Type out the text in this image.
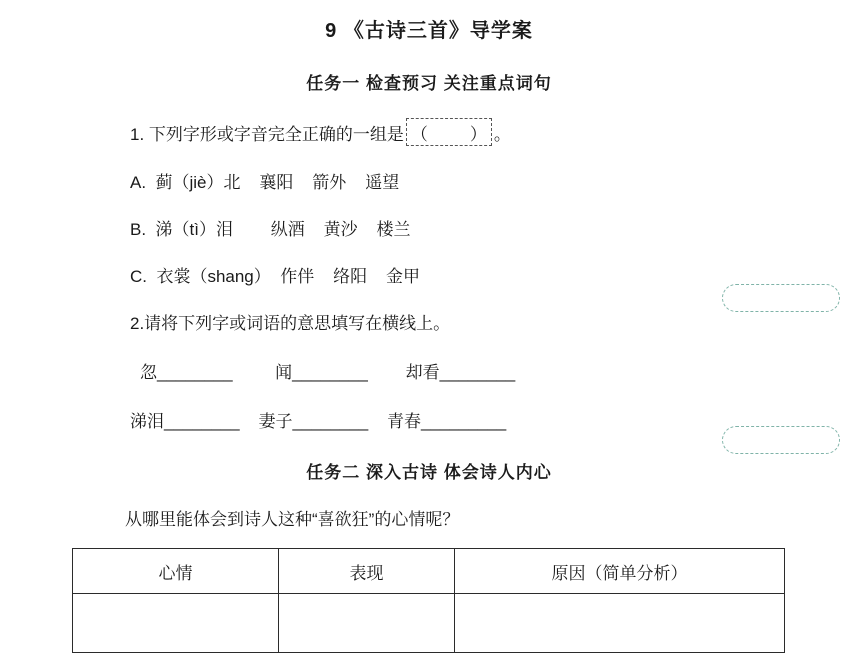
9 《古诗三首》导学案
任务一 检查预习 关注重点词句
1. 下列字形或字音完全正确的一组是 （ ） 。
A.  蓟（jiè）北    襄阳    箭外    遥望
B.  涕（tì）泪        纵酒    黄沙    楼兰
C.  衣裳（shang）  作伴    络阳    金甲
2.请将下列字或词语的意思填写在横线上。
忽________         闻________        却看________
涕泪________    妻子________    青春_________
任务二 深入古诗 体会诗人内心
从哪里能体会到诗人这种“喜欲狂”的心情呢？
心情	表现	原因（简单分析）
